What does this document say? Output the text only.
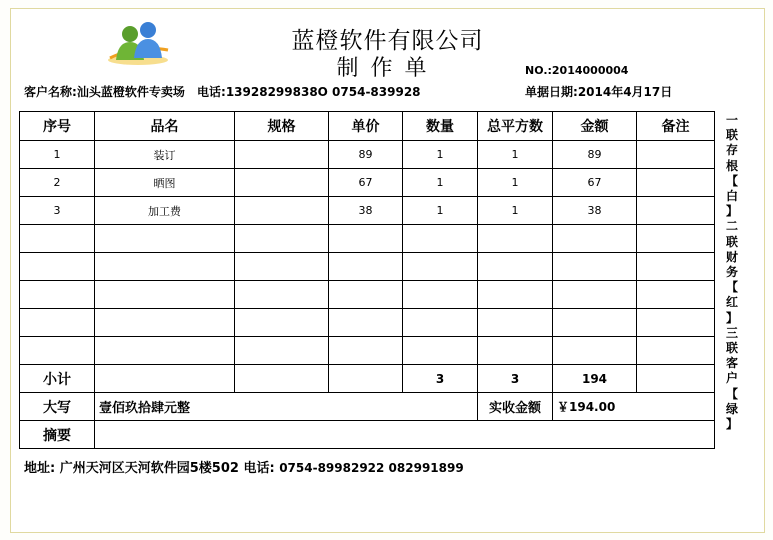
蓝橙软件有限公司
制作单	NO.:2014000004
客户名称:汕头蓝橙软件专卖场 电话:13928299838O 0754-839928	单据日期:2014年4月17日
序号	品名	规格	单价	数量	总平方数	金额	备注
1	装订		89	1	1	89	
2	晒图		67	1	1	67	
3	加工费		38	1	1	38	

小计				3	3	194	
大写	壹佰玖拾肆元整				实收金额	￥194.00	
摘要							
一
联
存
根
【
白
】
二
联
财
务
【
红
】
三
联
客
户
【
绿
】
地址: 广州天河区天河软件园5楼502 电话: 0754-89982922 082991899
